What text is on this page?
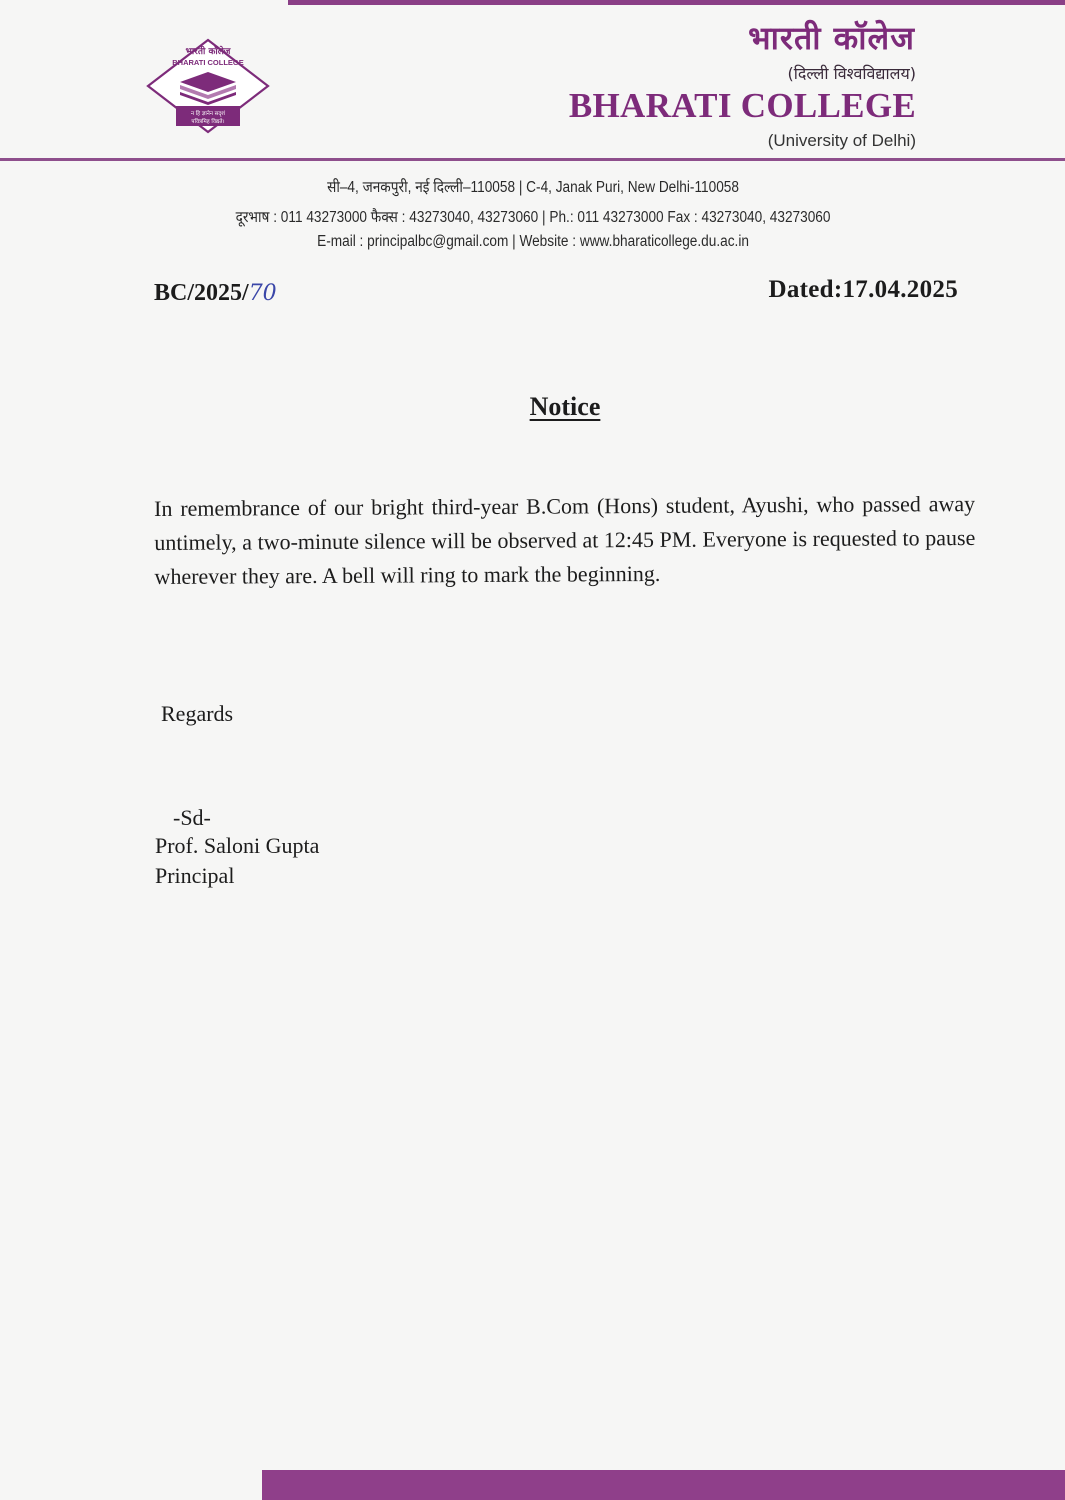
भारती कॉलेज
BHARATI COLLEGE
न हि ज्ञानेन सदृशं
पवित्रमिह विद्यते।
भारती कॉलेज
(दिल्ली विश्वविद्यालय)
BHARATI COLLEGE
(University of Delhi)
सी–4, जनकपुरी, नई दिल्ली–110058 | C-4, Janak Puri, New Delhi-110058
दूरभाष : 011 43273000 फैक्स : 43273040, 43273060 | Ph.: 011 43273000 Fax : 43273040, 43273060
E-mail : principalbc@gmail.com | Website : www.bharaticollege.du.ac.in
BC/2025/70	Dated:17.04.2025
Notice
In remembrance of our bright third-year B.Com (Hons) student, Ayushi, who passed away untimely, a two-minute silence will be observed at 12:45 PM. Everyone is requested to pause wherever they are. A bell will ring to mark the beginning.
Regards
-Sd-
Prof. Saloni Gupta
Principal
